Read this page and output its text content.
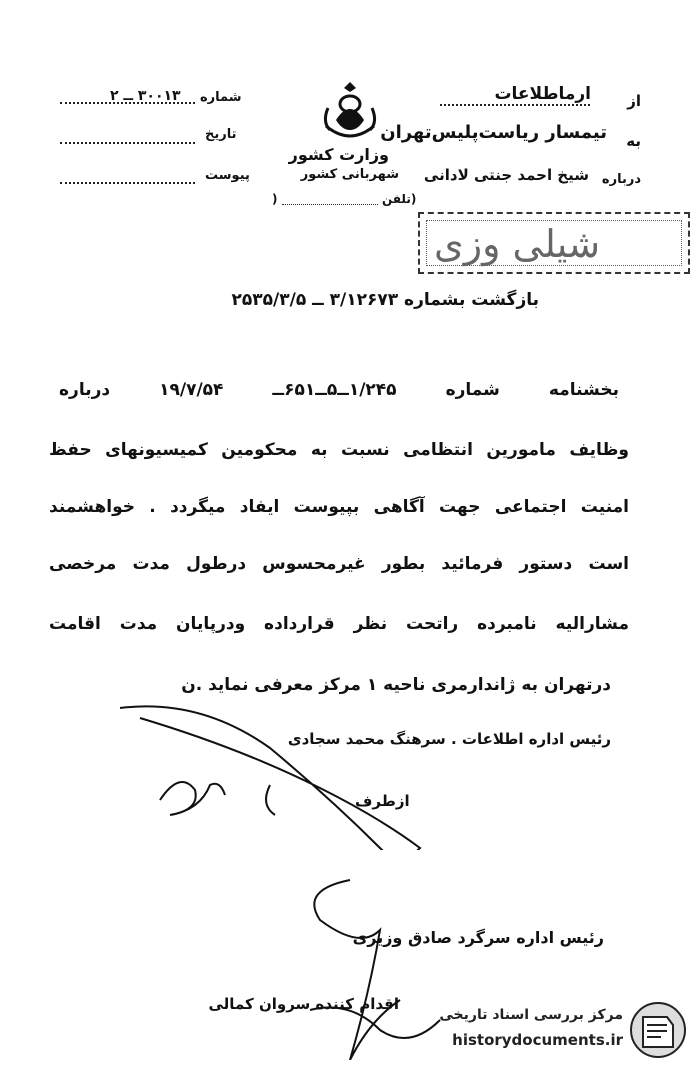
شماره
۳۰۰۱۳ ــ ۲
تاریخ
پیوست
از
ارماطلاعات
به
تیمسار ریاست‌پلیس‌تهران
وزارت کشور
درباره
شیخ احمد جنتی لادانی
شهربانی کشور
(تلفن
)
شیلی وزی
بازگشت بشماره ۳/۱۲۶۷۳ ــ ۲۵۳۵/۳/۵
بخشنامه شماره ۱/۲۴۵ــ۵ــ۶۵۱ــ ۱۹/۷/۵۴ درباره
وظایف مامورین انتظامی نسبت به محکومین کمیسیونهای حفظ
امنیت اجتماعی جهت آگاهی بپیوست ایفاد میگردد . خواهشمند
است دستور فرمائید بطور غیرمحسوس درطول مدت مرخصی
مشارالیه نامبرده راتحت نظر قرارداده ودرپایان مدت اقامت
درتهران به ژاندارمری ناحیه ۱ مرکز معرفی نماید .ن
رئیس اداره اطلاعات . سرهنگ محمد سجادی
ازطرف
رئیس اداره سرگرد صادق وزیری
اقدام کننده سروان کمالی
مرکز بررسی اسناد تاریخی
historydocuments.ir
